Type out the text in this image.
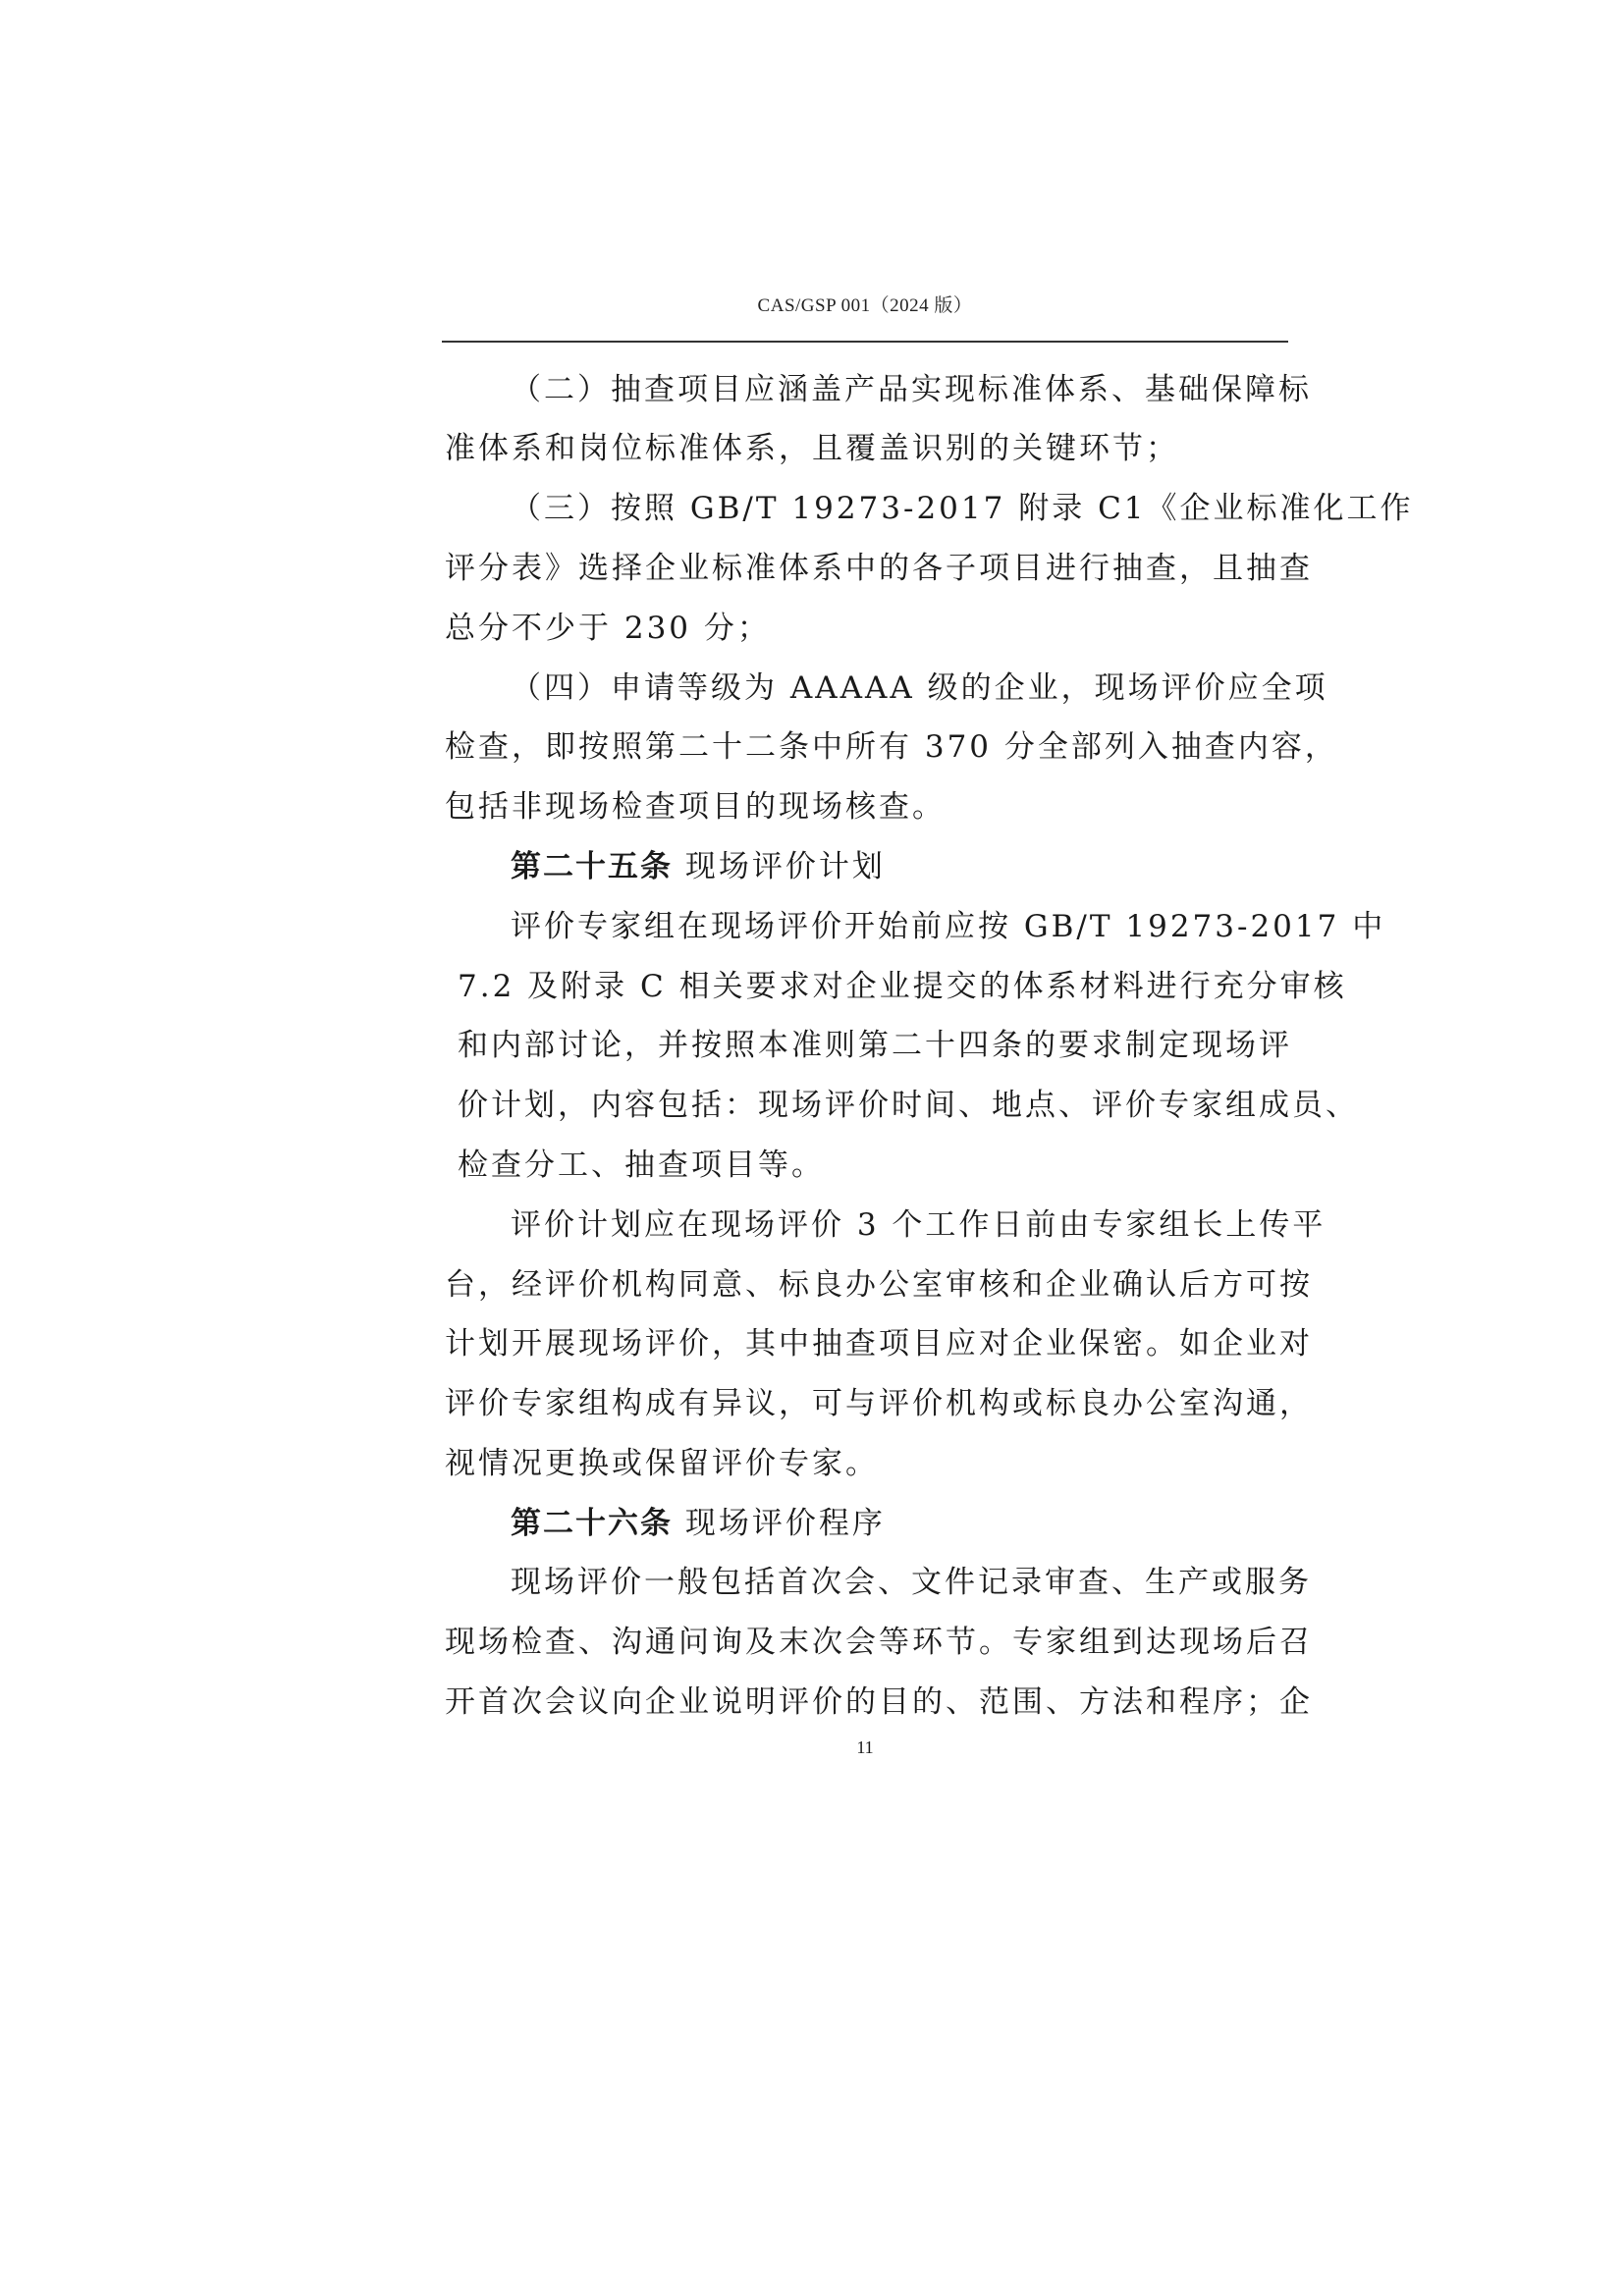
CAS/GSP 001（2024 版）
（二）抽查项目应涵盖产品实现标准体系、基础保障标
准体系和岗位标准体系，且覆盖识别的关键环节；
（三）按照 GB/T 19273-2017 附录 C1《企业标准化工作
评分表》选择企业标准体系中的各子项目进行抽查，且抽查
总分不少于 230 分；
（四）申请等级为 AAAAA 级的企业，现场评价应全项
检查，即按照第二十二条中所有 370 分全部列入抽查内容，
包括非现场检查项目的现场核查。
第二十五条 现场评价计划
评价专家组在现场评价开始前应按 GB/T 19273-2017 中
7.2 及附录 C 相关要求对企业提交的体系材料进行充分审核
和内部讨论，并按照本准则第二十四条的要求制定现场评
价计划，内容包括：现场评价时间、地点、评价专家组成员、
检查分工、抽查项目等。
评价计划应在现场评价 3 个工作日前由专家组长上传平
台，经评价机构同意、标良办公室审核和企业确认后方可按
计划开展现场评价，其中抽查项目应对企业保密。如企业对
评价专家组构成有异议，可与评价机构或标良办公室沟通，
视情况更换或保留评价专家。
第二十六条 现场评价程序
现场评价一般包括首次会、文件记录审查、生产或服务
现场检查、沟通问询及末次会等环节。专家组到达现场后召
开首次会议向企业说明评价的目的、范围、方法和程序；企
11
